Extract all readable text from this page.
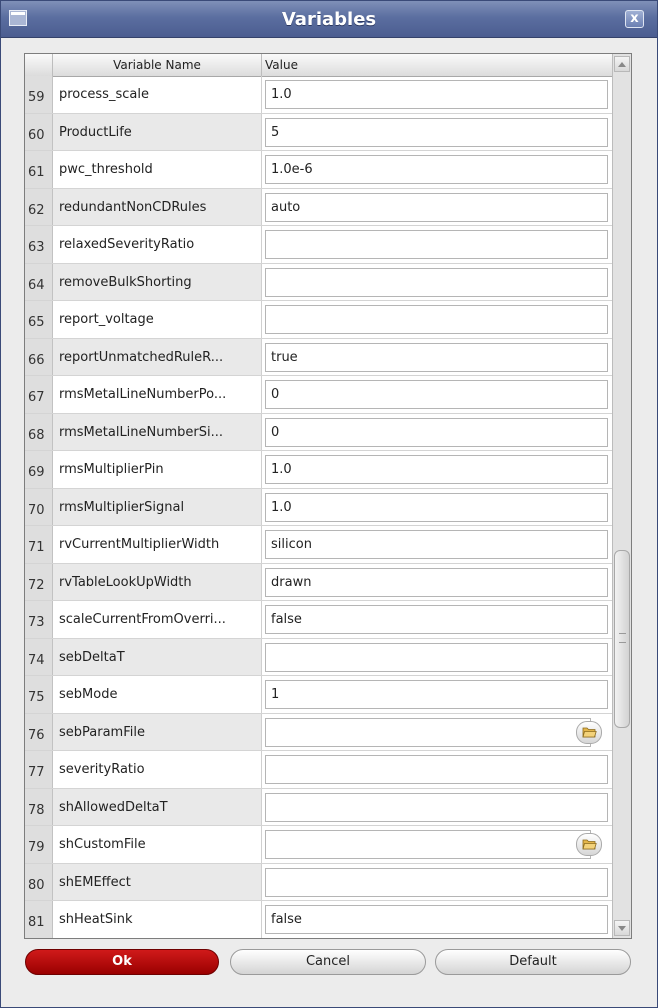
Variables	x
Variable Name	Value
59	process_scale	1.0
60	ProductLife	5
61	pwc_threshold	1.0e-6
62	redundantNonCDRules	auto
63	relaxedSeverityRatio
64	removeBulkShorting
65	report_voltage
66	reportUnmatchedRuleR...	true
67	rmsMetalLineNumberPo...	0
68	rmsMetalLineNumberSi...	0
69	rmsMultiplierPin	1.0
70	rmsMultiplierSignal	1.0
71	rvCurrentMultiplierWidth	silicon
72	rvTableLookUpWidth	drawn
73	scaleCurrentFromOverri...	false
74	sebDeltaT
75	sebMode	1
76	sebParamFile
77	severityRatio
78	shAllowedDeltaT
79	shCustomFile
80	shEMEffect
81	shHeatSink	false
Ok	Cancel	Default
